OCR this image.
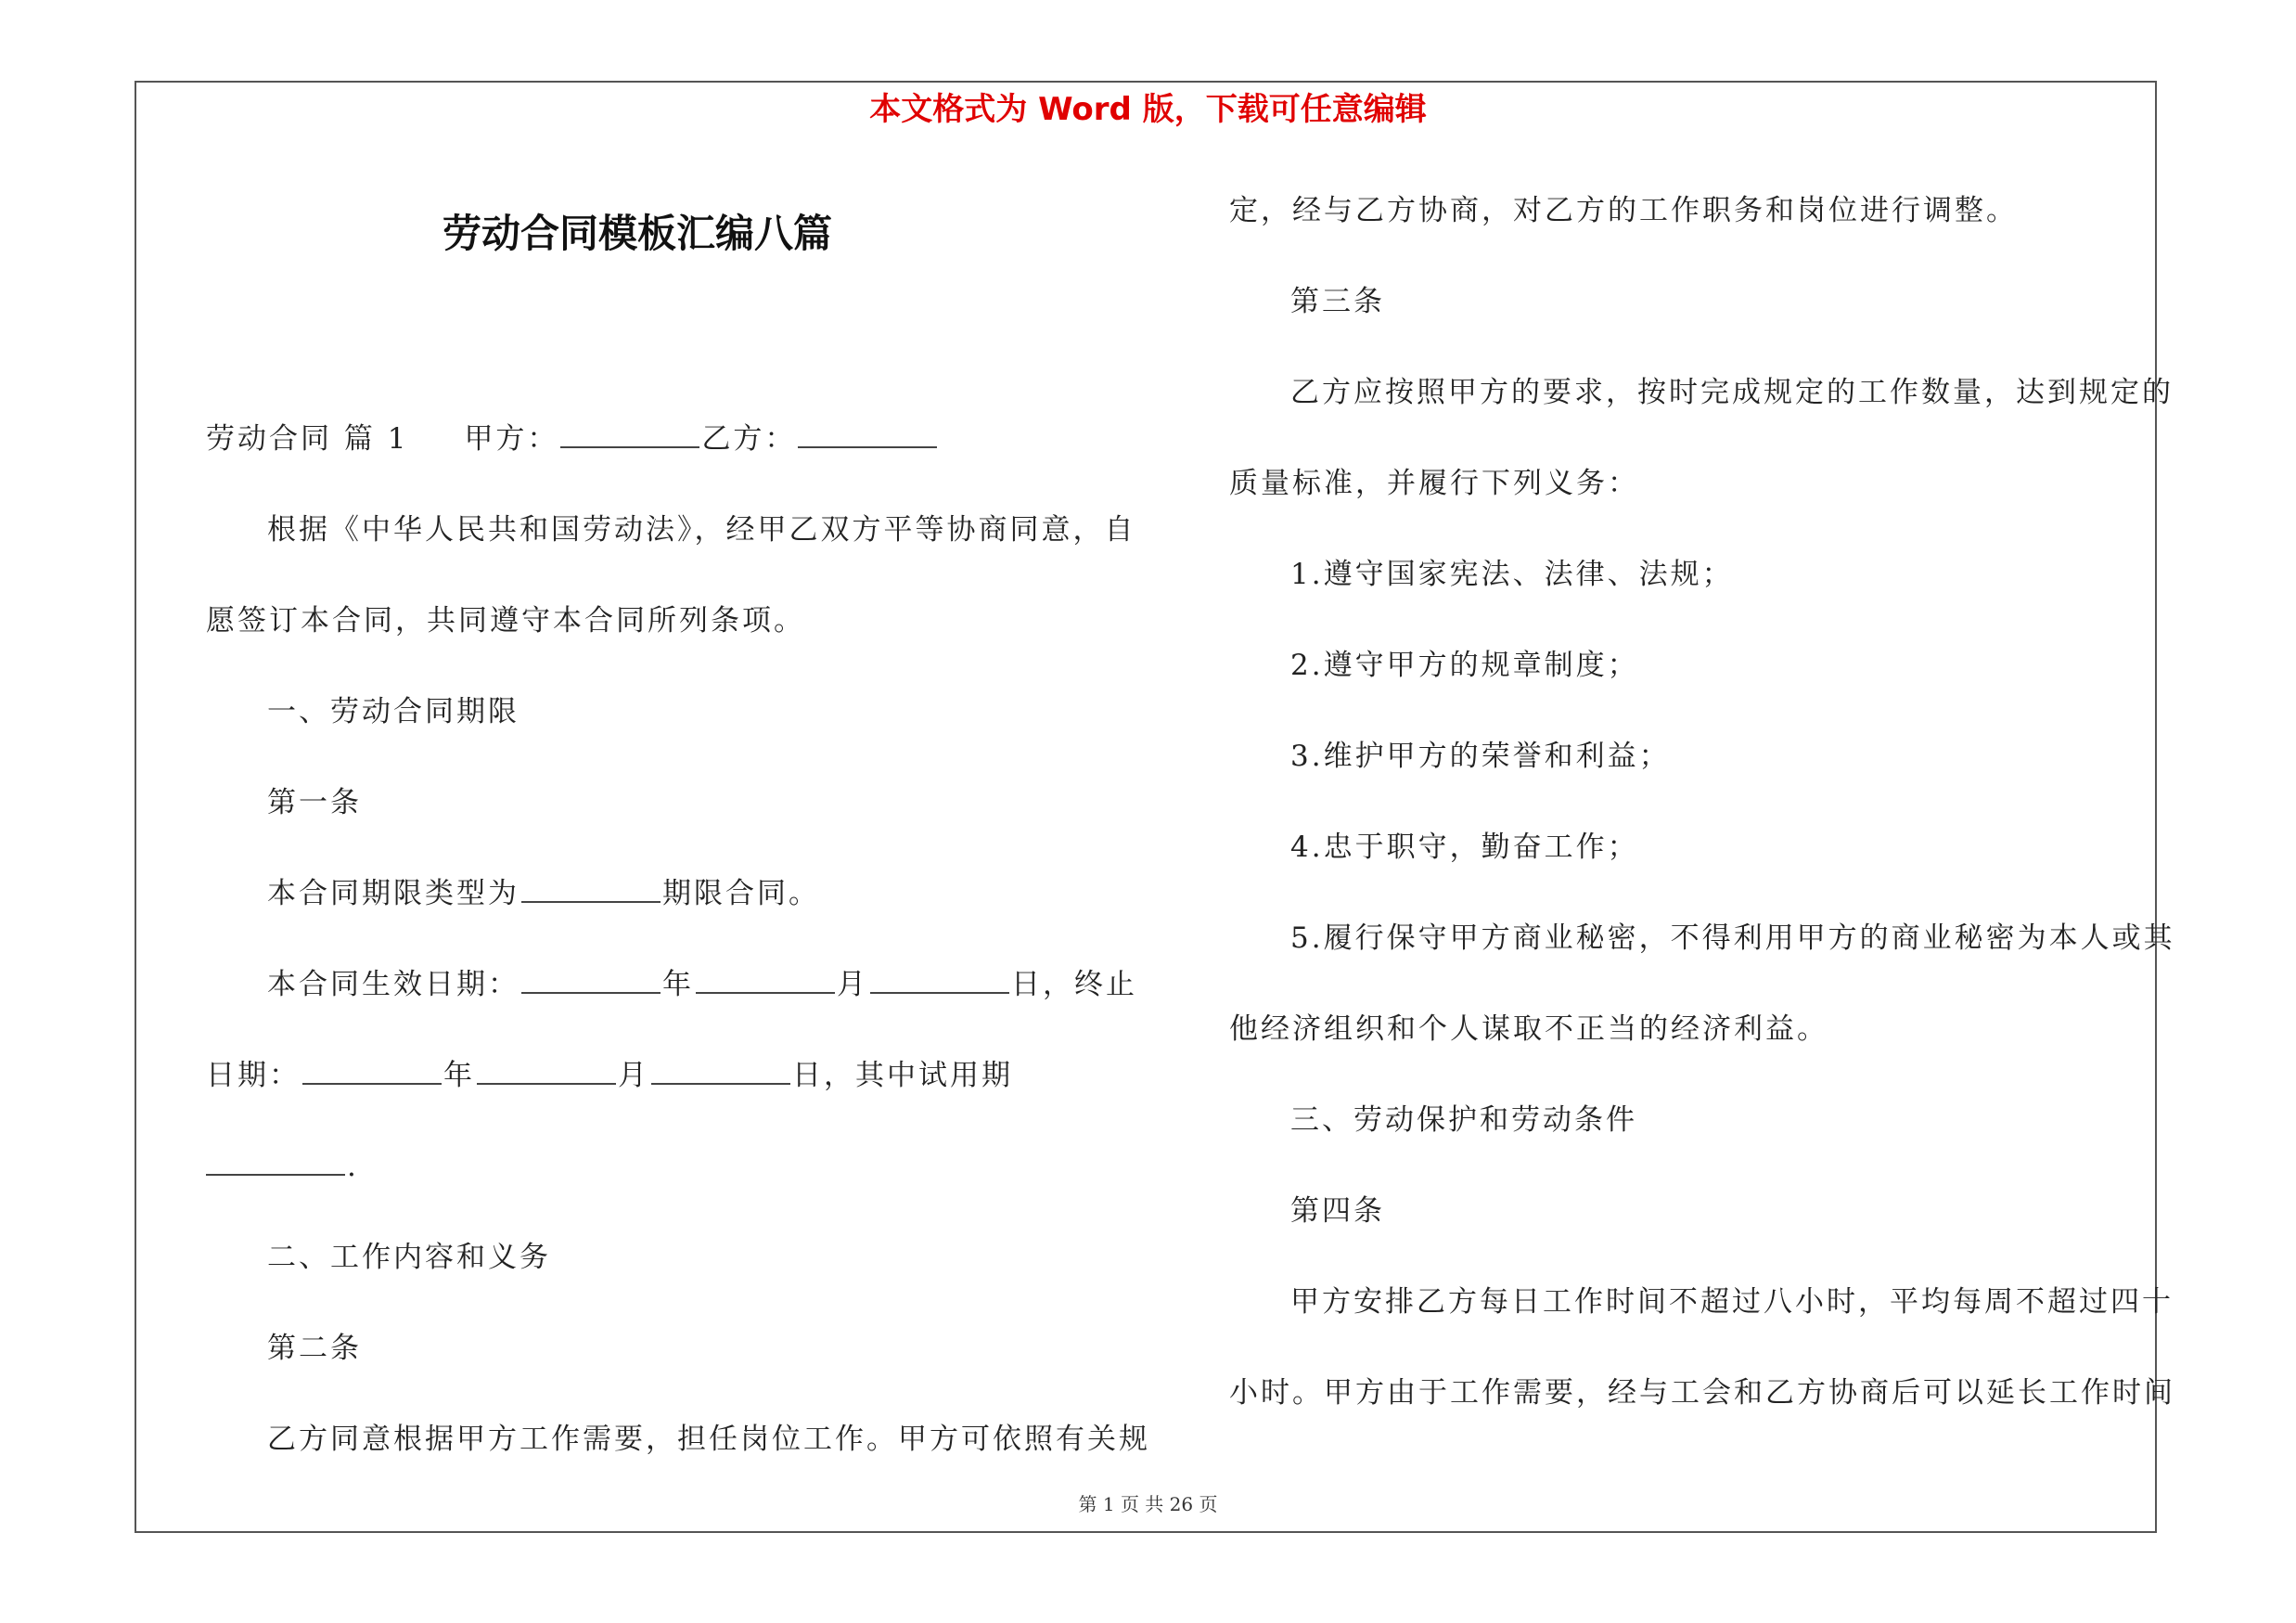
本文格式为 Word 版，下载可任意编辑
劳动合同模板汇编八篇
劳动合同 篇 1 甲方：	乙方：
根据《中华人民共和国劳动法》，经甲乙双方平等协商同意，自
愿签订本合同，共同遵守本合同所列条项。
一、劳动合同期限
第一条
本合同期限类型为	期限合同。
本合同生效日期：	年	月	日，终止
日期：	年	月	日，其中试用期
.
二、工作内容和义务
第二条
乙方同意根据甲方工作需要，担任岗位工作。甲方可依照有关规
定，经与乙方协商，对乙方的工作职务和岗位进行调整。
第三条
乙方应按照甲方的要求，按时完成规定的工作数量，达到规定的
质量标准，并履行下列义务：
1.遵守国家宪法、法律、法规；
2.遵守甲方的规章制度；
3.维护甲方的荣誉和利益；
4.忠于职守，勤奋工作；
5.履行保守甲方商业秘密，不得利用甲方的商业秘密为本人或其
他经济组织和个人谋取不正当的经济利益。
三、劳动保护和劳动条件
第四条
甲方安排乙方每日工作时间不超过八小时，平均每周不超过四十
小时。甲方由于工作需要，经与工会和乙方协商后可以延长工作时间
第 1 页 共 26 页
